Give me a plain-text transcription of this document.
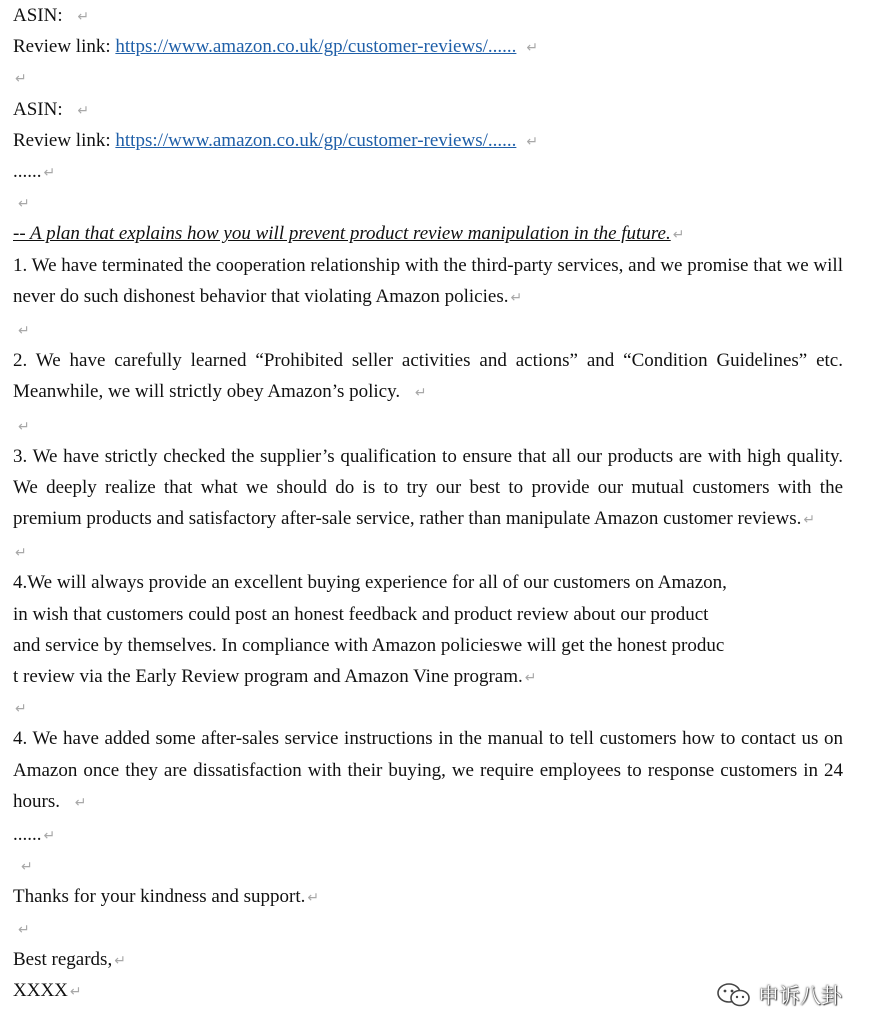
ASIN: ↵
Review link: https://www.amazon.co.uk/gp/customer-reviews/...... ↵
↵
ASIN: ↵
Review link: https://www.amazon.co.uk/gp/customer-reviews/...... ↵
...... ↵
↵
-- A plan that explains how you will prevent product review manipulation in the future. ↵
1. We have terminated the cooperation relationship with the third-party services, and we promise that we will never do such dishonest behavior that violating Amazon policies. ↵
↵
2. We have carefully learned “Prohibited seller activities and actions” and “Condition Guidelines” etc. Meanwhile, we will strictly obey Amazon’s policy. ↵
↵
3. We have strictly checked the supplier’s qualification to ensure that all our products are with high quality. We deeply realize that what we should do is to try our best to provide our mutual customers with the premium products and satisfactory after-sale service, rather than manipulate Amazon customer reviews. ↵
↵
4.We will always provide an excellent buying experience for all of our customers on Amazon,
in wish that customers could post an honest feedback and product review about our product
and service by themselves. In compliance with Amazon policieswe will get the honest produc
t review via the Early Review program and Amazon Vine program. ↵
↵
4. We have added some after-sales service instructions in the manual to tell customers how to contact us on Amazon once they are dissatisfaction with their buying, we require employees to response customers in 24 hours. ↵
...... ↵
↵
Thanks for your kindness and support. ↵
↵
Best regards, ↵
XXXX ↵	申诉八卦
